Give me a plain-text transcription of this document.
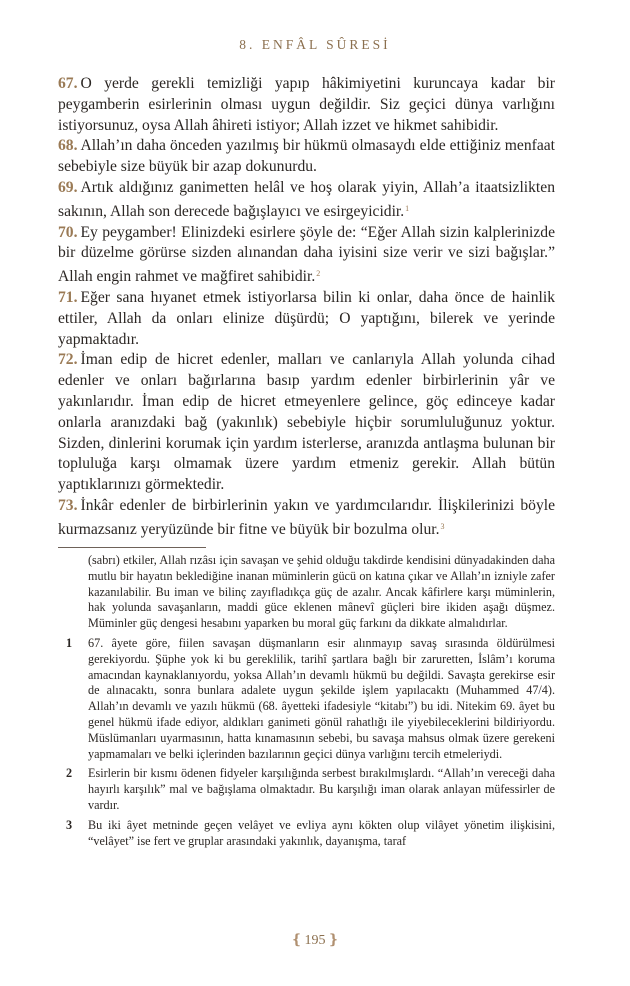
8. ENFÂL SÛRESİ

67. O yerde gerekli temizliği yapıp hâkimiyetini kuruncaya kadar bir peygamberin esirlerinin olması uygun değildir. Siz geçici dünya varlığını istiyorsunuz, oysa Allah âhireti istiyor; Allah izzet ve hikmet sahibidir.

68. Allah’ın daha önceden yazılmış bir hükmü olmasaydı elde ettiğiniz menfaat sebebiyle size büyük bir azap dokunurdu.

69. Artık aldığınız ganimetten helâl ve hoş olarak yiyin, Allah’a itaatsizlikten sakının, Allah son derecede bağışlayıcı ve esirgeyicidir.$^1$

70. Ey peygamber! Elinizdeki esirlere şöyle de: “Eğer Allah sizin kalplerinizde bir düzelme görürse sizden alınandan daha iyisini size verir ve sizi bağışlar.” Allah engin rahmet ve mağfiret sahibidir.$^2$

71. Eğer sana hıyanet etmek istiyorlarsa bilin ki onlar, daha önce de hainlik ettiler, Allah da onları elinize düşürdü; O yaptığını, bilerek ve yerinde yapmaktadır.

72. İman edip de hicret edenler, malları ve canlarıyla Allah yolunda cihad edenler ve onları bağırlarına basıp yardım edenler birbirlerinin yâr ve yakınlarıdır. İman edip de hicret etmeyenlere gelince, göç edinceye kadar onlarla aranızdaki bağ (yakınlık) sebebiyle hiçbir sorumluluğunuz yoktur. Sizden, dinlerini korumak için yardım isterlerse, aranızda antlaşma bulunan bir topluluğa karşı olmamak üzere yardım etmeniz gerekir. Allah bütün yaptıklarınızı görmektedir.

73. İnkâr edenler de birbirlerinin yakın ve yardımcılarıdır. İlişkilerinizi böyle kurmazsanız yeryüzünde bir fitne ve büyük bir bozulma olur.$^3$

(sabrı) etkiler, Allah rızâsı için savaşan ve şehid olduğu takdirde kendisini dünyadakinden daha mutlu bir hayatın beklediğine inanan müminlerin gücü on katına çıkar ve Allah’ın izniyle zafer kazanılabilir. Bu iman ve bilinç zayıfladıkça güç de azalır. Ancak kâfirlere karşı müminlerin, hak yolunda savaşanların, maddi güce eklenen mânevî güçleri bire ikiden aşağı düşmez. Müminler güç dengesi hesabını yaparken bu moral güç farkını da dikkate almalıdırlar.

1 67. âyete göre, fiilen savaşan düşmanların esir alınmayıp savaş sırasında öldürülmesi gerekiyordu. Şüphe yok ki bu gereklilik, tarihî şartlara bağlı bir zaruretten, İslâm’ı koruma amacından kaynaklanıyordu, yoksa Allah’ın devamlı hükmü bu değildi. Savaşta gerekirse esir de alınacaktı, sonra bunlara adalete uygun şekilde işlem yapılacaktı (Muhammed 47/4). Allah’ın devamlı ve yazılı hükmü (68. âyetteki ifadesiyle “kitabı”) bu idi. Nitekim 69. âyet bu genel hükmü ifade ediyor, aldıkları ganimeti gönül rahatlığı ile yiyebileceklerini bildiriyordu. Müslümanları uyarmasının, hatta kınamasının sebebi, bu savaşa mahsus olmak üzere gerekeni yapmamaları ve belki içlerinden bazılarının geçici dünya varlığını tercih etmeleriydi.

2 Esirlerin bir kısmı ödenen fidyeler karşılığında serbest bırakılmışlardı. “Allah’ın vereceği daha hayırlı karşılık” mal ve bağışlama olmaktadır. Bu karşılığı iman olarak anlayan müfessirler de vardır.

3 Bu iki âyet metninde geçen velâyet ve evliya aynı kökten olup vilâyet yönetim ilişkisini, “velâyet” ise fert ve gruplar arasındaki yakınlık, dayanışma, taraf

❴ 195 ❵
